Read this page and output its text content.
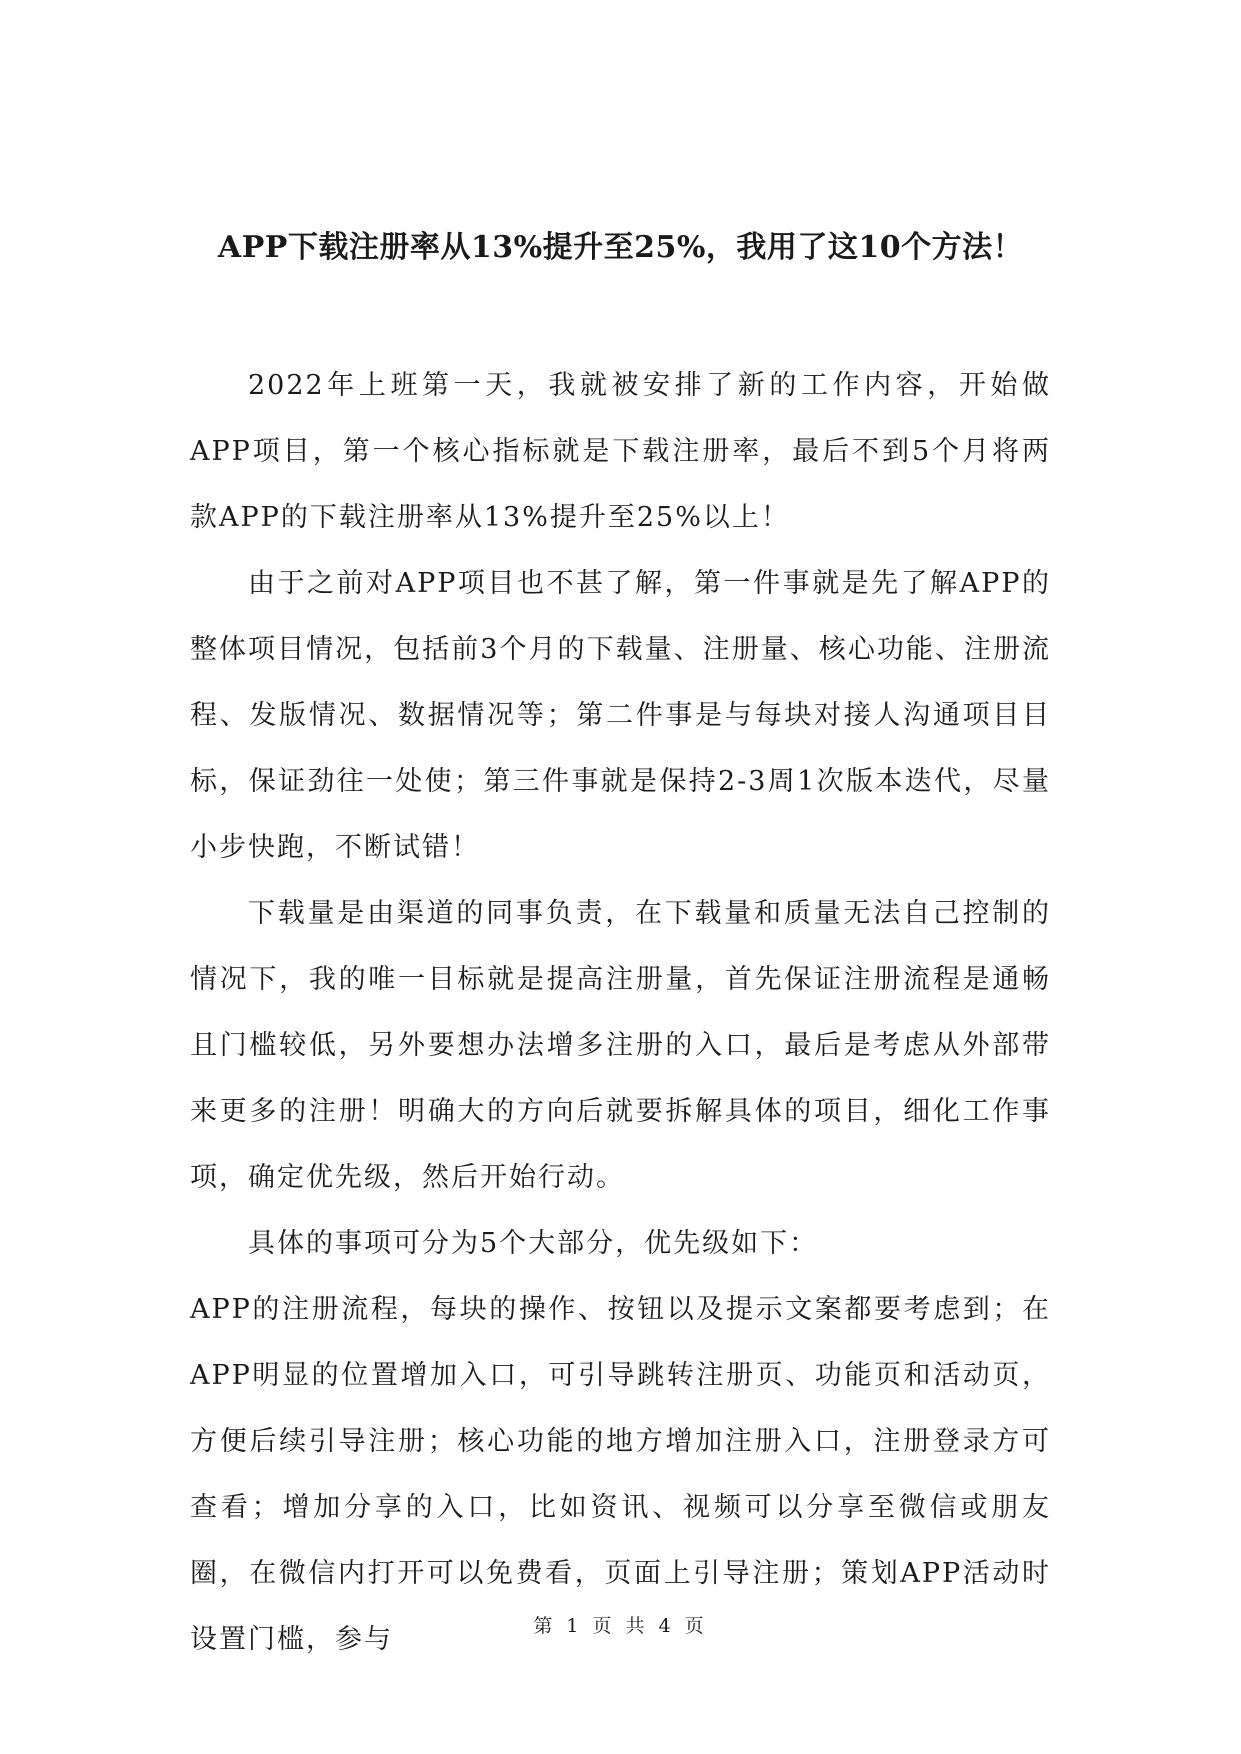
APP下载注册率从13%提升至25%，我用了这10个方法！

2022年上班第一天，我就被安排了新的工作内容，开始做APP项目，第一个核心指标就是下载注册率，最后不到5个月将两款APP的下载注册率从13%提升至25%以上！

由于之前对APP项目也不甚了解，第一件事就是先了解APP的整体项目情况，包括前3个月的下载量、注册量、核心功能、注册流程、发版情况、数据情况等；第二件事是与每块对接人沟通项目目标，保证劲往一处使；第三件事就是保持2-3周1次版本迭代，尽量小步快跑，不断试错！

下载量是由渠道的同事负责，在下载量和质量无法自己控制的情况下，我的唯一目标就是提高注册量，首先保证注册流程是通畅且门槛较低，另外要想办法增多注册的入口，最后是考虑从外部带来更多的注册！明确大的方向后就要拆解具体的项目，细化工作事项，确定优先级，然后开始行动。

具体的事项可分为5个大部分，优先级如下：

APP的注册流程，每块的操作、按钮以及提示文案都要考虑到；在APP明显的位置增加入口，可引导跳转注册页、功能页和活动页，方便后续引导注册；核心功能的地方增加注册入口，注册登录方可查看；增加分享的入口，比如资讯、视频可以分享至微信或朋友圈，在微信内打开可以免费看，页面上引导注册；策划APP活动时设置门槛，参与	第 1 页 共 4 页
